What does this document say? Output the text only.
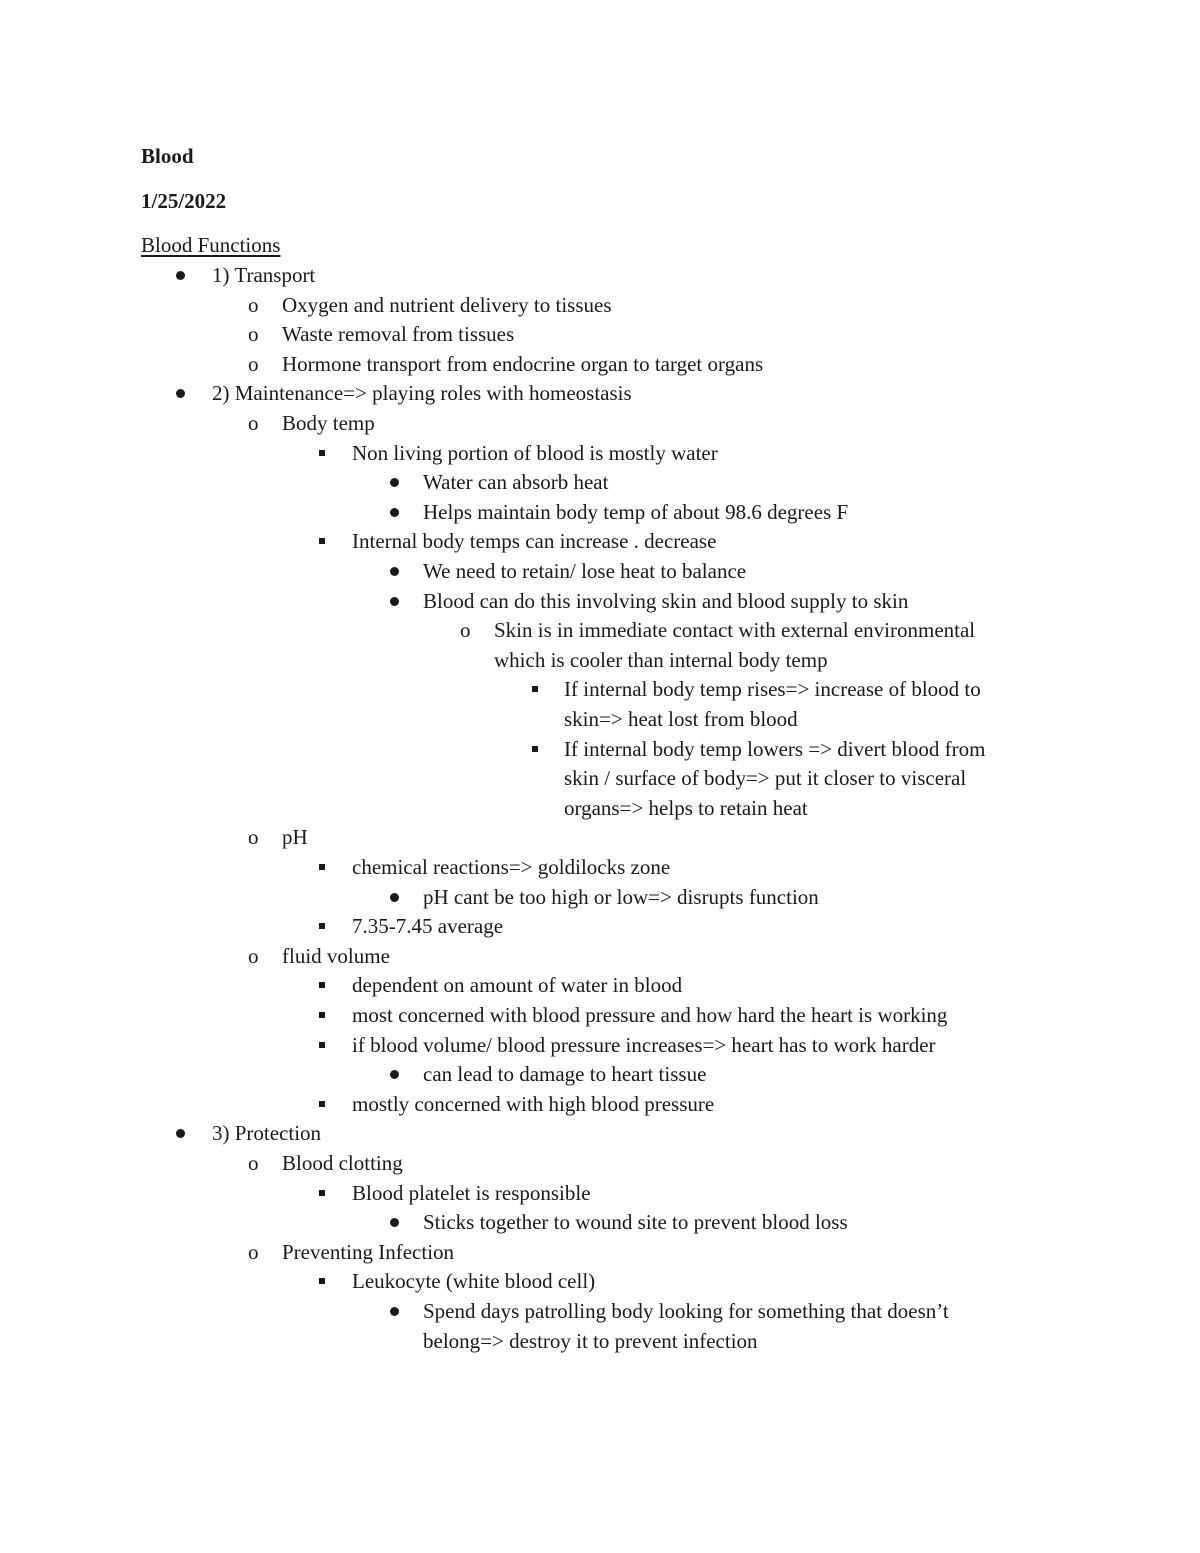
Blood
1/25/2022
Blood Functions
1) Transport
Oxygen and nutrient delivery to tissues
Waste removal from tissues
Hormone transport from endocrine organ to target organs
2) Maintenance=> playing roles with homeostasis
Body temp
Non living portion of blood is mostly water
Water can absorb heat
Helps maintain body temp of about 98.6 degrees F
Internal body temps can increase . decrease
We need to retain/ lose heat to balance
Blood can do this involving skin and blood supply to skin
Skin is in immediate contact with external environmental
which is cooler than internal body temp
If internal body temp rises=> increase of blood to
skin=> heat lost from blood
If internal body temp lowers => divert blood from
skin / surface of body=> put it closer to visceral
organs=> helps to retain heat
pH
chemical reactions=> goldilocks zone
pH cant be too high or low=> disrupts function
7.35-7.45 average
fluid volume
dependent on amount of water in blood
most concerned with blood pressure and how hard the heart is working
if blood volume/ blood pressure increases=> heart has to work harder
can lead to damage to heart tissue
mostly concerned with high blood pressure
3) Protection
Blood clotting
Blood platelet is responsible
Sticks together to wound site to prevent blood loss
Preventing Infection
Leukocyte (white blood cell)
Spend days patrolling body looking for something that doesn’t
belong=> destroy it to prevent infection
